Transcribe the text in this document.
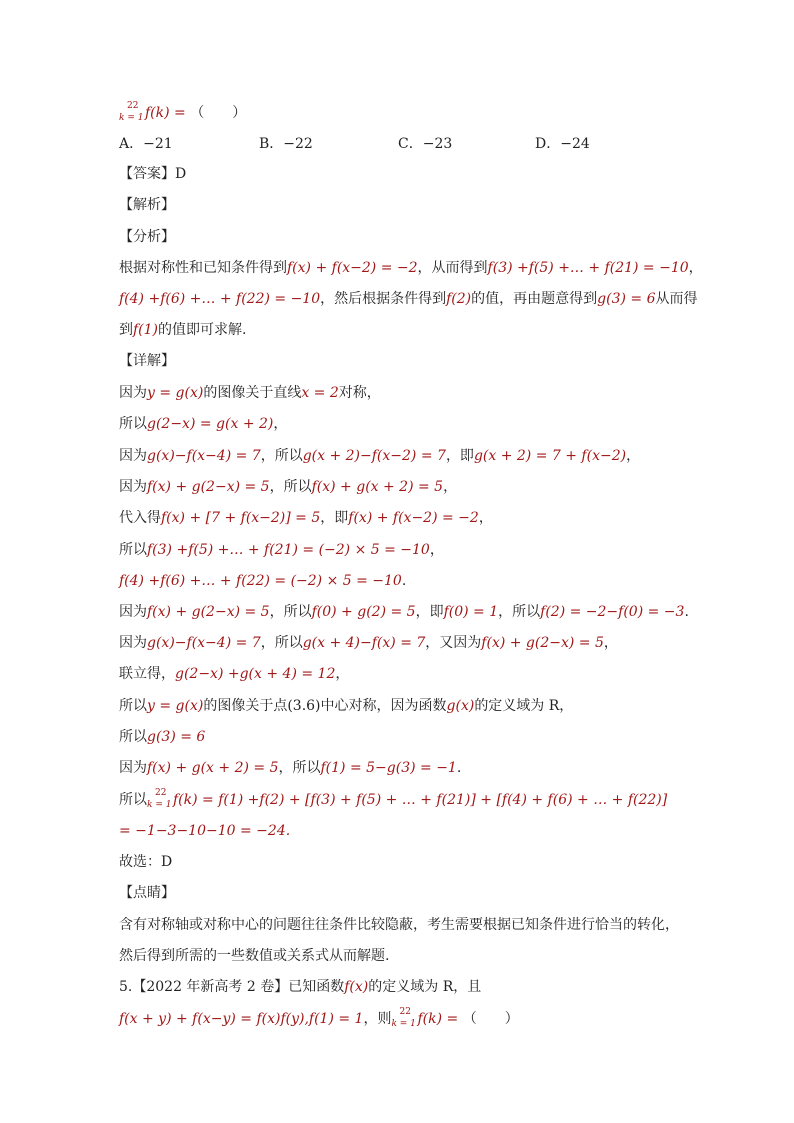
22
k = 1 f(k) = （　　）
A．−21	B．−22	C．−23	D．−24
【答案】D
【解析】
【分析】
根据对称性和已知条件得到f(x) + f(x−2) = −2，从而得到f(3) +f(5) +… + f(21) = −10，
f(4) +f(6) +… + f(22) = −10，然后根据条件得到f(2)的值，再由题意得到g(3) = 6从而得
到f(1)的值即可求解.
【详解】
因为y = g(x)的图像关于直线x = 2对称，
所以g(2−x) = g(x + 2)，
因为g(x)−f(x−4) = 7，所以g(x + 2)−f(x−2) = 7，即g(x + 2) = 7 + f(x−2)，
因为f(x) + g(2−x) = 5，所以f(x) + g(x + 2) = 5，
代入得f(x) + [7 + f(x−2)] = 5，即f(x) + f(x−2) = −2，
所以f(3) +f(5) +… + f(21) = (−2) × 5 = −10，
f(4) +f(6) +… + f(22) = (−2) × 5 = −10.
因为f(x) + g(2−x) = 5，所以f(0) + g(2) = 5，即f(0) = 1，所以f(2) = −2−f(0) = −3.
因为g(x)−f(x−4) = 7，所以g(x + 4)−f(x) = 7，又因为f(x) + g(2−x) = 5，
联立得，g(2−x) +g(x + 4) = 12，
所以y = g(x)的图像关于点(3.6)中心对称，因为函数g(x)的定义域为 R，
所以g(3) = 6
因为f(x) + g(x + 2) = 5，所以f(1) = 5−g(3) = −1.
所以 22
k = 1 f(k) = f(1) +f(2) + [f(3) + f(5) + … + f(21)] + [f(4) + f(6) + … + f(22)]
= −1−3−10−10 = −24.
故选：D
【点睛】
含有对称轴或对称中心的问题往往条件比较隐蔽，考生需要根据已知条件进行恰当的转化，
然后得到所需的一些数值或关系式从而解题.
5.【2022 年新高考 2 卷】已知函数f(x)的定义域为 R，且
f(x + y) + f(x−y) = f(x)f(y),f(1) = 1，则 22
k = 1 f(k) = （　　）
